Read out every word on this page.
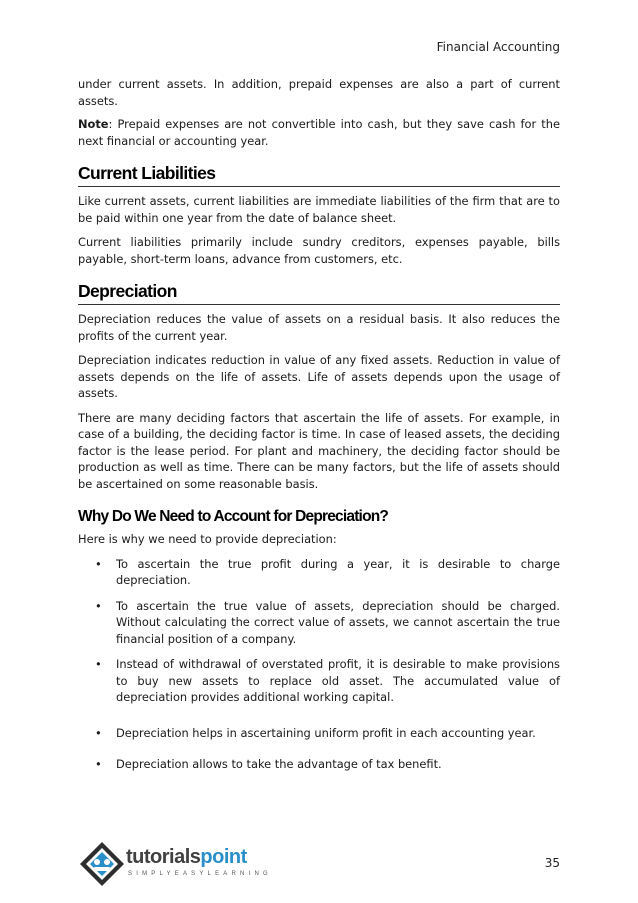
Financial Accounting

under current assets. In addition, prepaid expenses are also a part of current assets.

Note: Prepaid expenses are not convertible into cash, but they save cash for the next financial or accounting year.

Current Liabilities

Like current assets, current liabilities are immediate liabilities of the firm that are to be paid within one year from the date of balance sheet.

Current liabilities primarily include sundry creditors, expenses payable, bills payable, short-term loans, advance from customers, etc.

Depreciation

Depreciation reduces the value of assets on a residual basis. It also reduces the profits of the current year.

Depreciation indicates reduction in value of any fixed assets. Reduction in value of assets depends on the life of assets. Life of assets depends upon the usage of assets.

There are many deciding factors that ascertain the life of assets. For example, in case of a building, the deciding factor is time. In case of leased assets, the deciding factor is the lease period. For plant and machinery, the deciding factor should be production as well as time. There can be many factors, but the life of assets should be ascertained on some reasonable basis.

Why Do We Need to Account for Depreciation?

Here is why we need to provide depreciation:

• To ascertain the true profit during a year, it is desirable to charge depreciation.
• To ascertain the true value of assets, depreciation should be charged. Without calculating the correct value of assets, we cannot ascertain the true financial position of a company.
• Instead of withdrawal of overstated profit, it is desirable to make provisions to buy new assets to replace old asset. The accumulated value of depreciation provides additional working capital.
• Depreciation helps in ascertaining uniform profit in each accounting year.
• Depreciation allows to take the advantage of tax benefit.
tutorialspoint
SIMPLYEASYLEARNING
35
